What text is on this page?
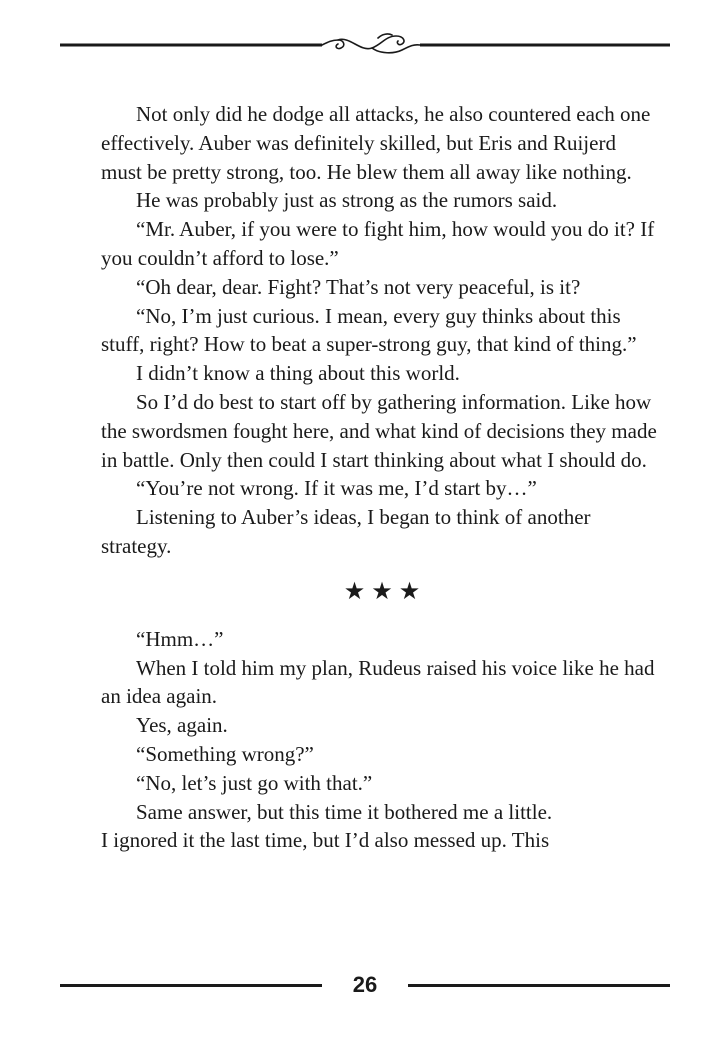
Not only did he dodge all attacks, he also countered each one effectively. Auber was definitely skilled, but Eris and Ruijerd must be pretty strong, too. He blew them all away like nothing.

He was probably just as strong as the rumors said.

“Mr. Auber, if you were to fight him, how would you do it? If you couldn’t afford to lose.”

“Oh dear, dear. Fight? That’s not very peaceful, is it?

“No, I’m just curious. I mean, every guy thinks about this stuff, right? How to beat a super-strong guy, that kind of thing.”

I didn’t know a thing about this world.

So I’d do best to start off by gathering information. Like how the swordsmen fought here, and what kind of decisions they made in battle. Only then could I start thinking about what I should do.

“You’re not wrong. If it was me, I’d start by…”

Listening to Auber’s ideas, I began to think of another strategy.

★★★

“Hmm…”

When I told him my plan, Rudeus raised his voice like he had an idea again.

Yes, again.

“Something wrong?”

“No, let’s just go with that.”

Same answer, but this time it bothered me a little.

I ignored it the last time, but I’d also messed up. This

26
